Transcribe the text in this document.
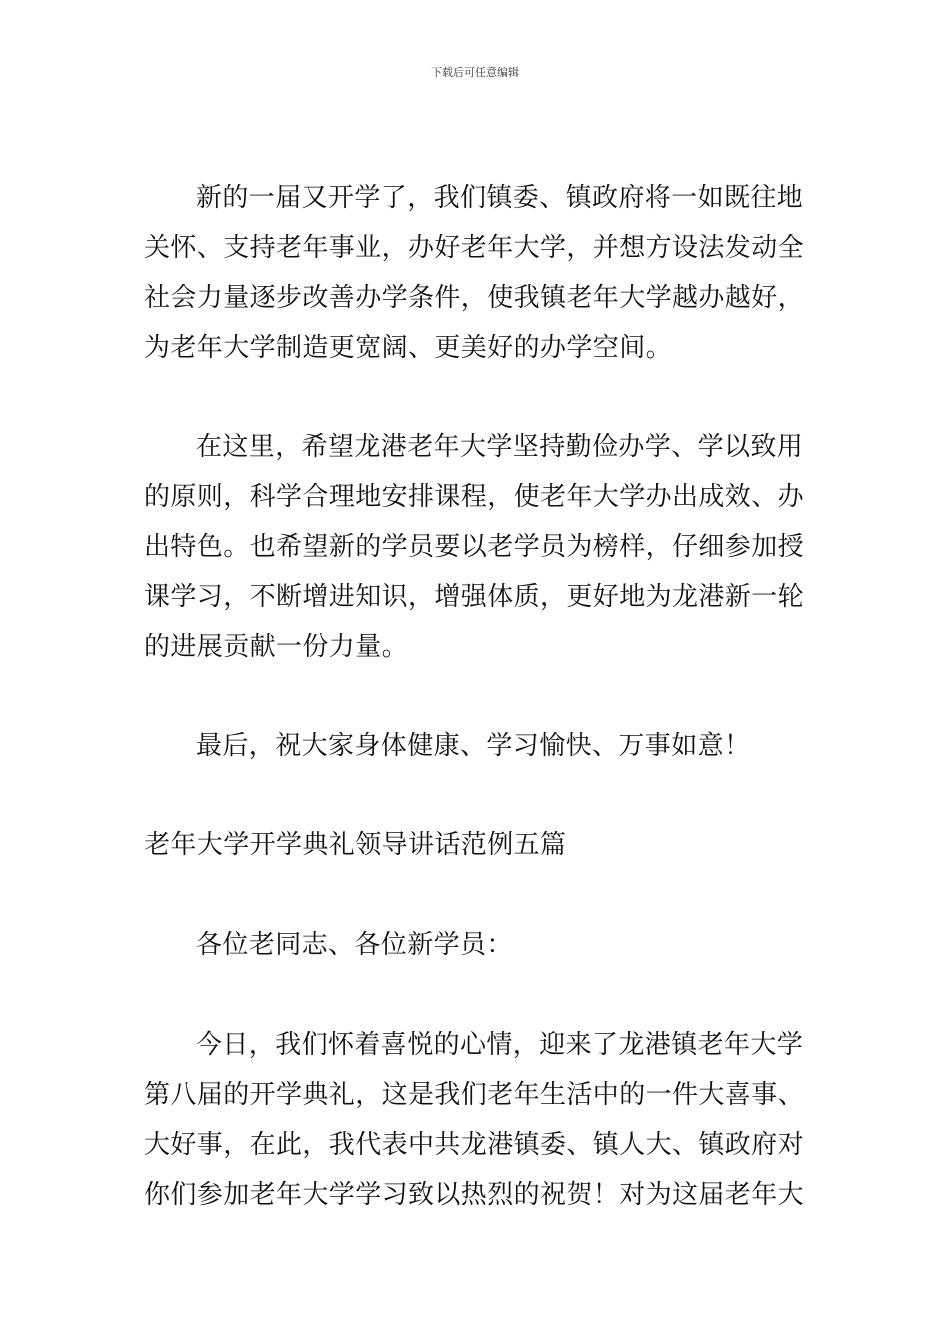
下载后可任意编辑
新的一届又开学了，我们镇委、镇政府将一如既往地
关怀、支持老年事业，办好老年大学，并想方设法发动全
社会力量逐步改善办学条件，使我镇老年大学越办越好，
为老年大学制造更宽阔、更美好的办学空间。
在这里，希望龙港老年大学坚持勤俭办学、学以致用
的原则，科学合理地安排课程，使老年大学办出成效、办
出特色。也希望新的学员要以老学员为榜样，仔细参加授
课学习，不断增进知识，增强体质，更好地为龙港新一轮
的进展贡献一份力量。
最后，祝大家身体健康、学习愉快、万事如意！
老年大学开学典礼领导讲话范例五篇
各位老同志、各位新学员：
今日，我们怀着喜悦的心情，迎来了龙港镇老年大学
第八届的开学典礼，这是我们老年生活中的一件大喜事、
大好事，在此，我代表中共龙港镇委、镇人大、镇政府对
你们参加老年大学学习致以热烈的祝贺！对为这届老年大
